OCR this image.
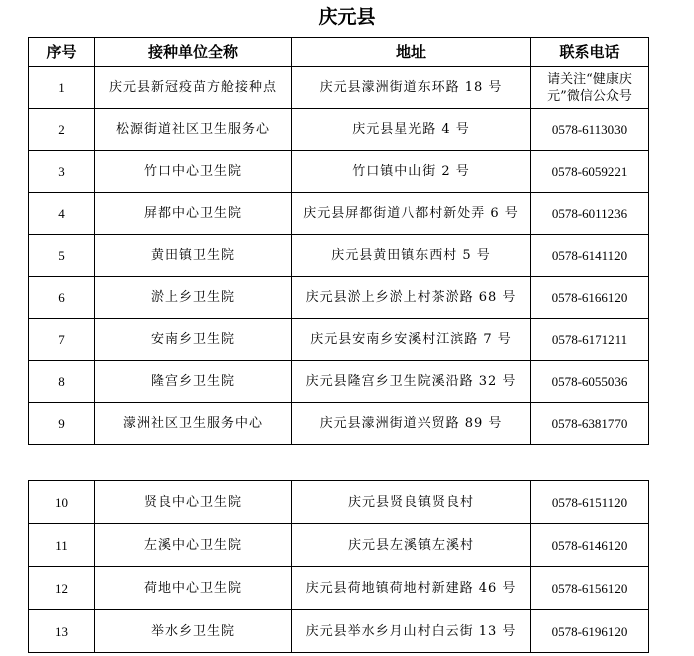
庆元县
序号	接种单位全称	地址	联系电话
1	庆元县新冠疫苗方舱接种点	庆元县濛洲街道东环路 18 号	请关注“健康庆元”微信公众号
2	松源街道社区卫生服务心	庆元县星光路 4 号	0578-6113030
3	竹口中心卫生院	竹口镇中山街 2 号	0578-6059221
4	屏都中心卫生院	庆元县屏都街道八都村新处弄 6 号	0578-6011236
5	黄田镇卫生院	庆元县黄田镇东西村 5 号	0578-6141120
6	淤上乡卫生院	庆元县淤上乡淤上村茶淤路 68 号	0578-6166120
7	安南乡卫生院	庆元县安南乡安溪村江滨路 7 号	0578-6171211
8	隆宫乡卫生院	庆元县隆宫乡卫生院溪沿路 32 号	0578-6055036
9	濛洲社区卫生服务中心	庆元县濛洲街道兴贸路 89 号	0578-6381770
10	贤良中心卫生院	庆元县贤良镇贤良村	0578-6151120
11	左溪中心卫生院	庆元县左溪镇左溪村	0578-6146120
12	荷地中心卫生院	庆元县荷地镇荷地村新建路 46 号	0578-6156120
13	举水乡卫生院	庆元县举水乡月山村白云街 13 号	0578-6196120
